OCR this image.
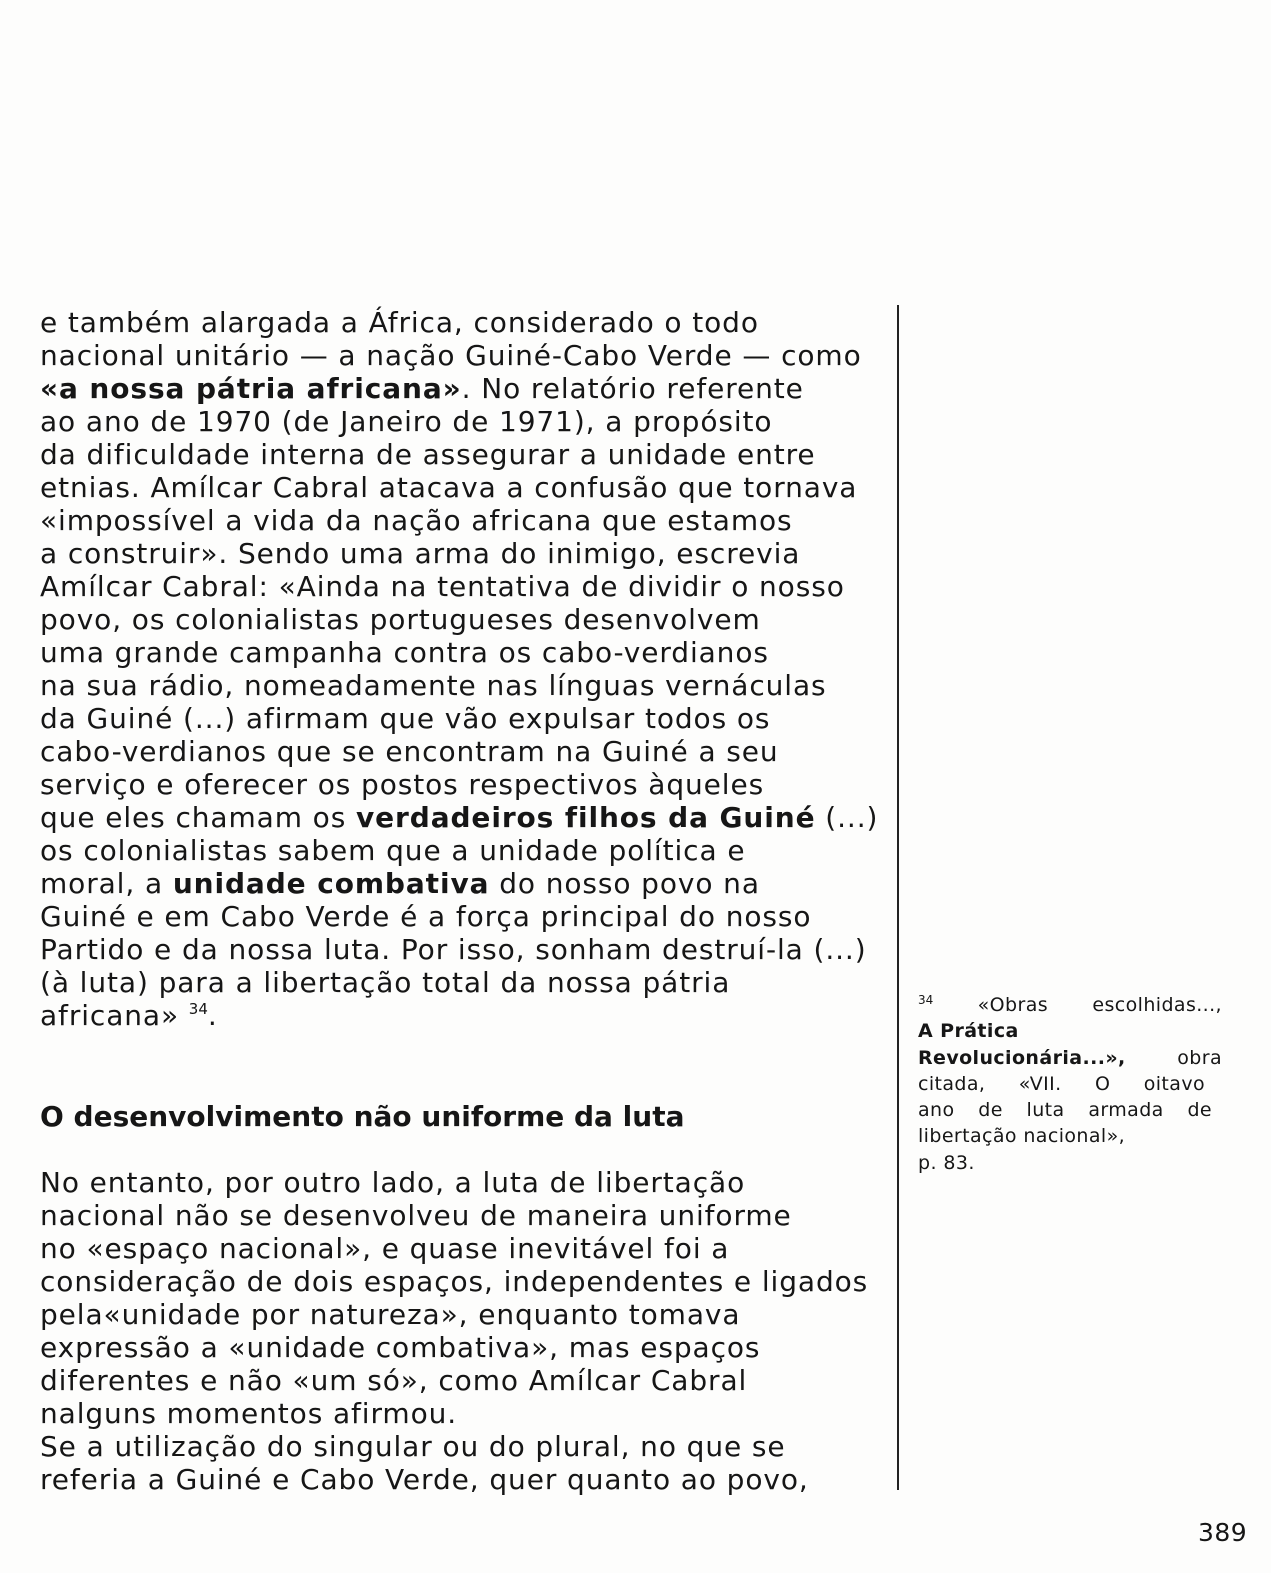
e também alargada a África, considerado o todo
nacional unitário — a nação Guiné-Cabo Verde — como
«a nossa pátria africana». No relatório referente
ao ano de 1970 (de Janeiro de 1971), a propósito
da dificuldade interna de assegurar a unidade entre
etnias. Amílcar Cabral atacava a confusão que tornava
«impossível a vida da nação africana que estamos
a construir». Sendo uma arma do inimigo, escrevia
Amílcar Cabral: «Ainda na tentativa de dividir o nosso
povo, os colonialistas portugueses desenvolvem
uma grande campanha contra os cabo-verdianos
na sua rádio, nomeadamente nas línguas vernáculas
da Guiné (...) afirmam que vão expulsar todos os
cabo-verdianos que se encontram na Guiné a seu
serviço e oferecer os postos respectivos àqueles
que eles chamam os verdadeiros filhos da Guiné (...)
os colonialistas sabem que a unidade política e
moral, a unidade combativa do nosso povo na
Guiné e em Cabo Verde é a força principal do nosso
Partido e da nossa luta. Por isso, sonham destruí-la (...)
(à luta) para a libertação total da nossa pátria
africana» $^{34}$.
O desenvolvimento não uniforme da luta
No entanto, por outro lado, a luta de libertação
nacional não se desenvolveu de maneira uniforme
no «espaço nacional», e quase inevitável foi a
consideração de dois espaços, independentes e ligados
pela«unidade por natureza», enquanto tomava
expressão a «unidade combativa», mas espaços
diferentes e não «um só», como Amílcar Cabral
nalguns momentos afirmou.
Se a utilização do singular ou do plural, no que se
referia a Guiné e Cabo Verde, quer quanto ao povo,
$^{34}$ «Obras escolhidas...,
A Prática
Revolucionária...», obra
citada, «VII. O oitavo
ano de luta armada de
libertação nacional»,
p. 83.
389
